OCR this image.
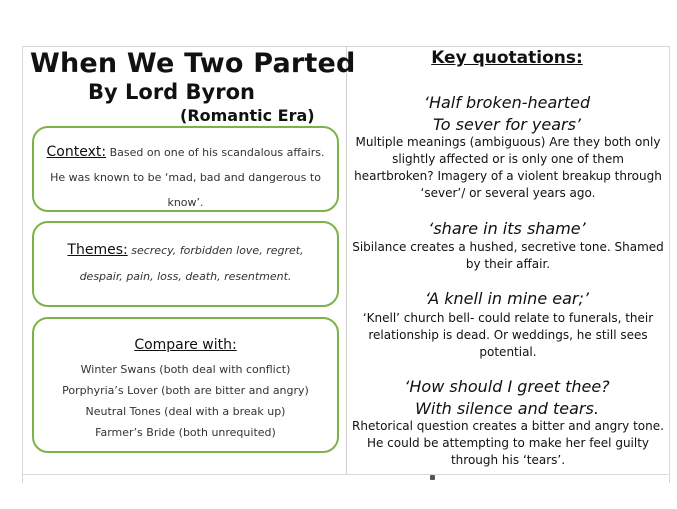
When We Two Parted
By Lord Byron
(Romantic Era)
Context: Based on one of his scandalous affairs. He was known to be ‘mad, bad and dangerous to know’.
Themes: secrecy, forbidden love, regret, despair, pain, loss, death, resentment.
Compare with:
Winter Swans (both deal with conflict)
Porphyria’s Lover (both are bitter and angry)
Neutral Tones (deal with a break up)
Farmer’s Bride (both unrequited)
Key quotations:
‘Half broken-hearted
To sever for years’
Multiple meanings (ambiguous) Are they both only slightly affected or is only one of them heartbroken? Imagery of a violent breakup through ‘sever’/ or several years ago.
‘share in its shame’
Sibilance creates a hushed, secretive tone. Shamed by their affair.
‘A knell in mine ear;’
‘Knell’ church bell- could relate to funerals, their relationship is dead. Or weddings, he still sees potential.
‘How should I greet thee?
With silence and tears.
Rhetorical question creates a bitter and angry tone. He could be attempting to make her feel guilty through his ‘tears’.
